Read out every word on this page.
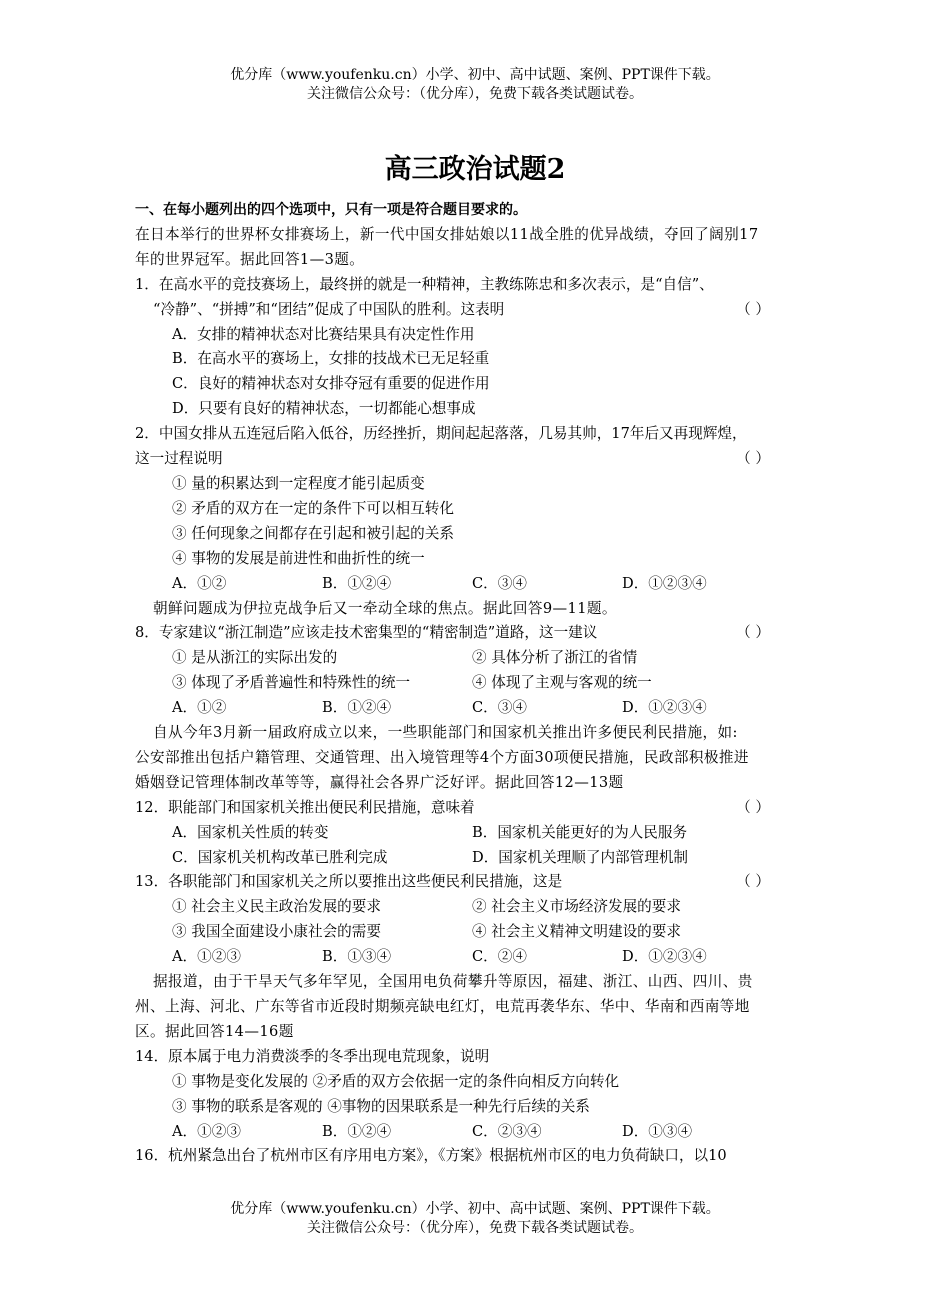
优分库（www.youfenku.cn）小学、初中、高中试题、案例、PPT课件下载。
关注微信公众号：（优分库），免费下载各类试题试卷。
高三政治试题2
一、在每小题列出的四个选项中，只有一项是符合题目要求的。
在日本举行的世界杯女排赛场上，新一代中国女排姑娘以11战全胜的优异战绩，夺回了阔别17
年的世界冠军。据此回答1—3题。
1．在高水平的竞技赛场上，最终拼的就是一种精神，主教练陈忠和多次表示，是“自信”、
“冷静”、“拼搏”和“团结”促成了中国队的胜利。这表明	（ ）
A．女排的精神状态对比赛结果具有决定性作用
B．在高水平的赛场上，女排的技战术已无足轻重
C．良好的精神状态对女排夺冠有重要的促进作用
D．只要有良好的精神状态，一切都能心想事成
2．中国女排从五连冠后陷入低谷，历经挫折，期间起起落落，几易其帅，17年后又再现辉煌，
这一过程说明	（ ）
① 量的积累达到一定程度才能引起质变
② 矛盾的双方在一定的条件下可以相互转化
③ 任何现象之间都存在引起和被引起的关系
④ 事物的发展是前进性和曲折性的统一
A．①②	B．①②④	C．③④	D．①②③④
朝鲜问题成为伊拉克战争后又一牵动全球的焦点。据此回答9—11题。
8．专家建议“浙江制造”应该走技术密集型的“精密制造”道路，这一建议	（ ）
① 是从浙江的实际出发的	② 具体分析了浙江的省情
③ 体现了矛盾普遍性和特殊性的统一	④ 体现了主观与客观的统一
A．①②	B．①②④	C．③④	D．①②③④
自从今年3月新一届政府成立以来，一些职能部门和国家机关推出许多便民利民措施，如:
公安部推出包括户籍管理、交通管理、出入境管理等4个方面30项便民措施，民政部积极推进
婚姻登记管理体制改革等等，赢得社会各界广泛好评。据此回答12—13题
12．职能部门和国家机关推出便民利民措施，意味着	（ ）
A．国家机关性质的转变	B．国家机关能更好的为人民服务
C．国家机关机构改革已胜利完成	D．国家机关理顺了内部管理机制
13．各职能部门和国家机关之所以要推出这些便民利民措施，这是	（ ）
① 社会主义民主政治发展的要求	② 社会主义市场经济发展的要求
③ 我国全面建设小康社会的需要	④ 社会主义精神文明建设的要求
A．①②③	B．①③④	C．②④	D．①②③④
据报道，由于干旱天气多年罕见，全国用电负荷攀升等原因，福建、浙江、山西、四川、贵
州、上海、河北、广东等省市近段时期频亮缺电红灯，电荒再袭华东、华中、华南和西南等地
区。据此回答14—16题
14．原本属于电力消费淡季的冬季出现电荒现象，说明
① 事物是变化发展的 ②矛盾的双方会依据一定的条件向相反方向转化
③ 事物的联系是客观的 ④事物的因果联系是一种先行后续的关系
A．①②③	B．①②④	C．②③④	D．①③④
16．杭州紧急出台了杭州市区有序用电方案》，《方案》根据杭州市区的电力负荷缺口，以10
优分库（www.youfenku.cn）小学、初中、高中试题、案例、PPT课件下载。
关注微信公众号：（优分库），免费下载各类试题试卷。
